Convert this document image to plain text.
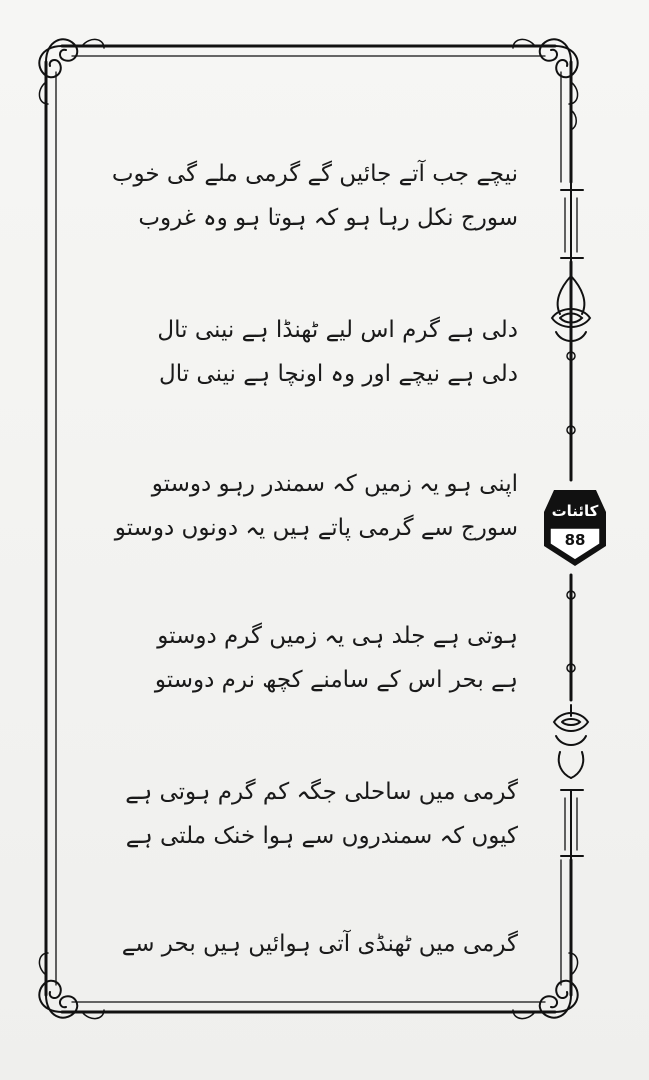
کائنات
88
نیچے جب آتے جائیں گے گرمی ملے گی خوب
سورج نکل رہا ہو کہ ہوتا ہو وہ غروب
دلی ہے گرم اس لیے ٹھنڈا ہے نینی تال
دلی ہے نیچے اور وہ اونچا ہے نینی تال
اپنی ہو یہ زمیں کہ سمندر رہو دوستو
سورج سے گرمی پاتے ہیں یہ دونوں دوستو
ہوتی ہے جلد ہی یہ زمیں گرم دوستو
ہے بحر اس کے سامنے کچھ نرم دوستو
گرمی میں ساحلی جگہ کم گرم ہوتی ہے
کیوں کہ سمندروں سے ہوا خنک ملتی ہے
گرمی میں ٹھنڈی آتی ہوائیں ہیں بحر سے
